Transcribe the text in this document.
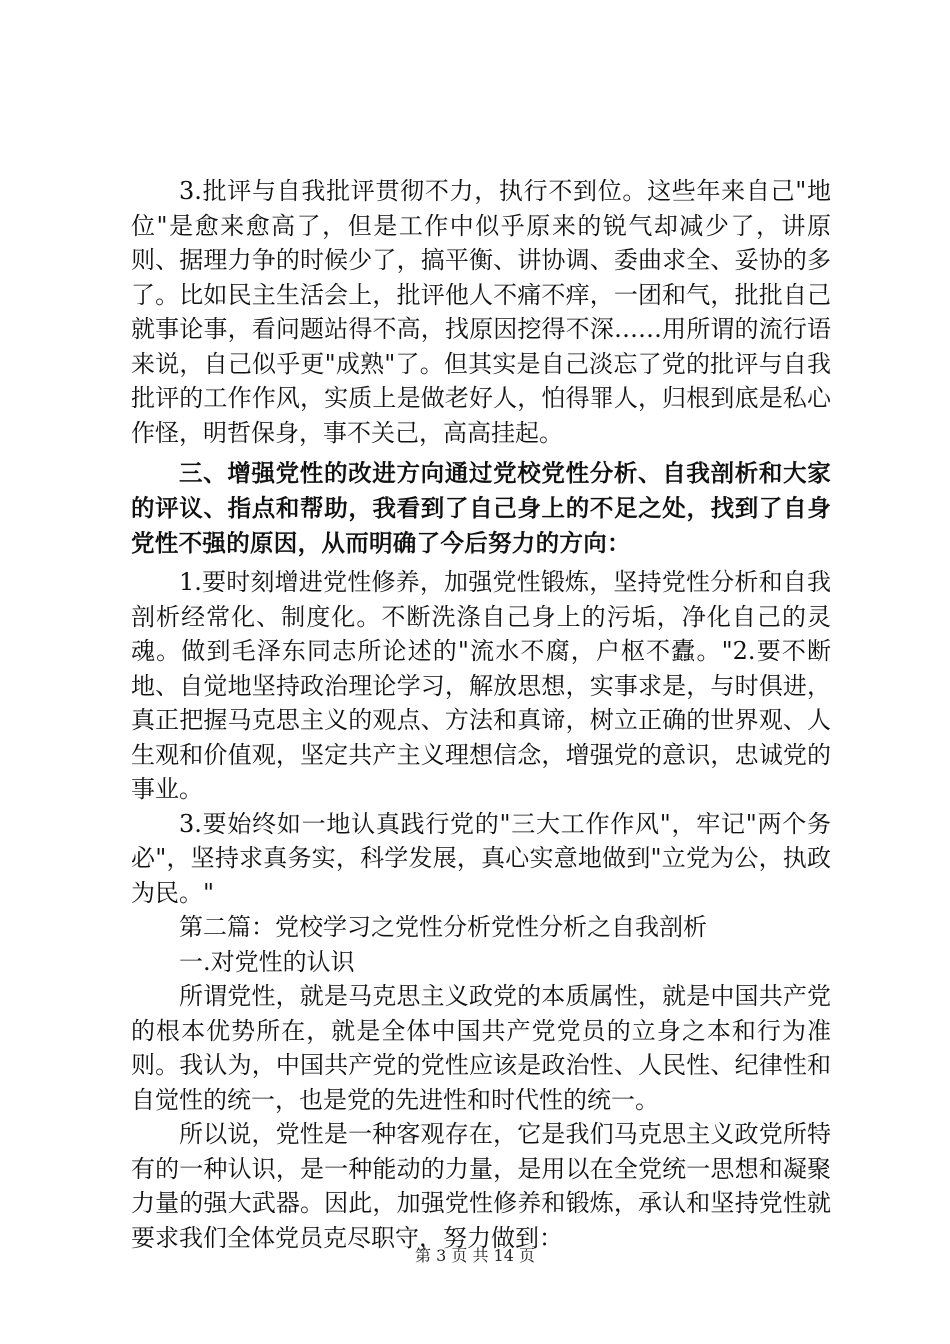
3.批评与自我批评贯彻不力，执行不到位。这些年来自己"地位"是愈来愈高了，但是工作中似乎原来的锐气却减少了，讲原则、据理力争的时候少了，搞平衡、讲协调、委曲求全、妥协的多了。比如民主生活会上，批评他人不痛不痒，一团和气，批批自己就事论事，看问题站得不高，找原因挖得不深……用所谓的流行语来说，自己似乎更"成熟"了。但其实是自己淡忘了党的批评与自我批评的工作作风，实质上是做老好人，怕得罪人，归根到底是私心作怪，明哲保身，事不关己，高高挂起。

三、增强党性的改进方向通过党校党性分析、自我剖析和大家的评议、指点和帮助，我看到了自己身上的不足之处，找到了自身党性不强的原因，从而明确了今后努力的方向：

1.要时刻增进党性修养，加强党性锻炼，坚持党性分析和自我剖析经常化、制度化。不断洗涤自己身上的污垢，净化自己的灵魂。做到毛泽东同志所论述的"流水不腐，户枢不蠹。"2.要不断地、自觉地坚持政治理论学习，解放思想，实事求是，与时俱进，真正把握马克思主义的观点、方法和真谛，树立正确的世界观、人生观和价值观，坚定共产主义理想信念，增强党的意识，忠诚党的事业。

3.要始终如一地认真践行党的"三大工作作风"，牢记"两个务必"，坚持求真务实，科学发展，真心实意地做到"立党为公，执政为民。"

第二篇：党校学习之党性分析党性分析之自我剖析

一.对党性的认识

所谓党性，就是马克思主义政党的本质属性，就是中国共产党的根本优势所在，就是全体中国共产党党员的立身之本和行为准则。我认为，中国共产党的党性应该是政治性、人民性、纪律性和自觉性的统一，也是党的先进性和时代性的统一。

所以说，党性是一种客观存在，它是我们马克思主义政党所特有的一种认识，是一种能动的力量，是用以在全党统一思想和凝聚力量的强大武器。因此，加强党性修养和锻炼，承认和坚持党性就要求我们全体党员克尽职守，努力做到：

第 3 页 共 14 页
